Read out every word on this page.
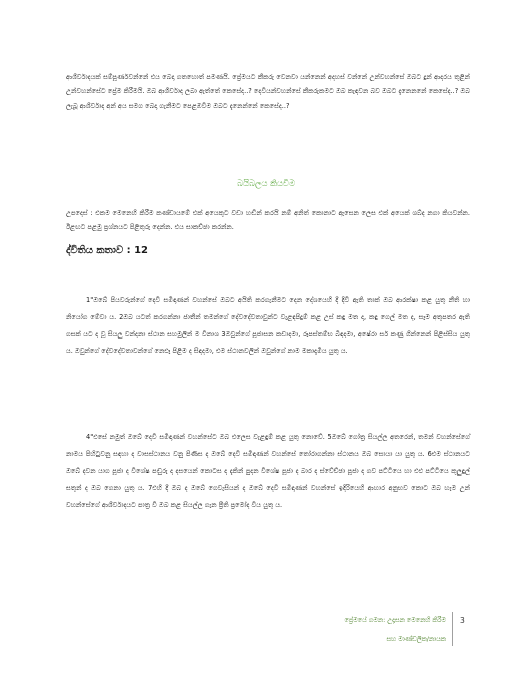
ආශීර්වාදයක් සම්පූර්ණවන්නේ එය බෙදා ගතහොත් පමණයි. ප්‍රේමයට කීකරු වෙනවා යන්නෙන් අදහස් වන්නේ උන්වහන්සේ ඔබට දුන් ආදරය තුළින් උන්වහන්සේට ප්‍රේම කිරීමයි. ඔබ ආශීර්වාද ලබා ඇත්තේ කෙසේද..? දෙවියන්වහන්සේ කීකරුකමට ඔබ කැඳවන බව ඔබට දැනෙනනේ කෙසේද..? ඔබ ලැබූ ආශීර්වාද අන් අය සමග බෙදා ගැනීමට පෙළඹවීම ඔබට දැනෙන්නේ කෙසේද..?

බයිබලය කියවීම

උපදෙස් : එකම මෙනෙහි කිරීම කණ්ඩායමේ එක් අයෙකුට වඩා හඬින් කරයි නම් අනිත් කොනාට ඇසෙන ලෙස එක් අයෙක් ශබ්ද නගා කියවන්න. ඊළඟට පළමු ප්‍රශ්නයට පිළිතුරු දෙන්න. එය සාකච්ඡා කරන්න.

ද්විතිය කතාව : 12

1"ඔබේ පියවරුන්ගේ දෙවි සමිඳාණන් වහන්සේ ඔබට අයිති කරගැනීමට දෙන දේශයෙහි දී දිවි ඇති තාක් ඔබ ආරක්ෂා කළ යුතු නීති හා නියෝග මේවා ය. 2ඔබ යටත් කරගන්නා ජාතීන් තමන්ගේ දේවදේවතාවුන්ට වැළඳපිදුම් කළ උස් කඳු මත ද, කඳු ගෙල් මත ද, සෑම අතුපතර ඇති ගසක් යට ද වූ සියලු වන්දනා ස්ථාන සහමුලින් ම විනාශ 3ඔවුන්ගේ පූජාසන කඩාදමා, රූපස්තම්භ බිඳදමා, අෂේරා සර් කණු ගින්නෙන් පිළිස්සිය යුතු ය. ඔවුන්ගේ දේවදේවතාවන්ගේ නෙළූ පිළිම ද සිඳදමා, එම ස්ථානවලින් ඔවුන්ගේ නාම මකාදැමිය යුතු ය.

4"එසේ නමුත් ඔබේ දෙවි සමිඳාණන් වහන්සේට ඔබ එලෙස වැළඳුම් කළ යුතු නොවේ. 5ඔබේ ගෝත්‍ර සියල්ල අතරෙන්, තමන් වහන්සේගේ නාමය පිහිටුවනු සඳහා ද වාසස්ථානය වනු පිණිස ද ඔබේ දෙවි සමිඳාණන් වහන්සේ තෝරාගන්නා ස්ථානය ඔබ සොයා යා යුතු ය. 6එම ස්ථානයට ඔබේ දවන යාග පූජා ද විශේෂ පඬුරු ද දසයෙන් කොටස ද දැකින් පුදන විශේෂ පූජා ද බාර ද ස්වේච්ඡා පූජා ද ගව පට්ටියෙ හා එළු පට්ටියෙ කුලුඳුල් සතුන් ද ඔබ ගෙනා යුතු ය. 7එහි දී ඔබ ද ඔබේ ගෙවැසියන් ද ඔබේ දෙවි සමිඳාණන් වහන්සේ ඉදිරියෙහි ආහාර අනුභව කොට ඔබ හැම උන් වහන්සේගේ ආශීර්වාදයට පාත්‍ර වී ඔබ කළ සියල්ල ගැන ප්‍රීති ප්‍රමෝද විය යුතු ය.

ප්‍රේමයේ ගමන: උදෑසන මෙනෙහි කිරීම
සහ මාණ්ඩලික/නායක
3
